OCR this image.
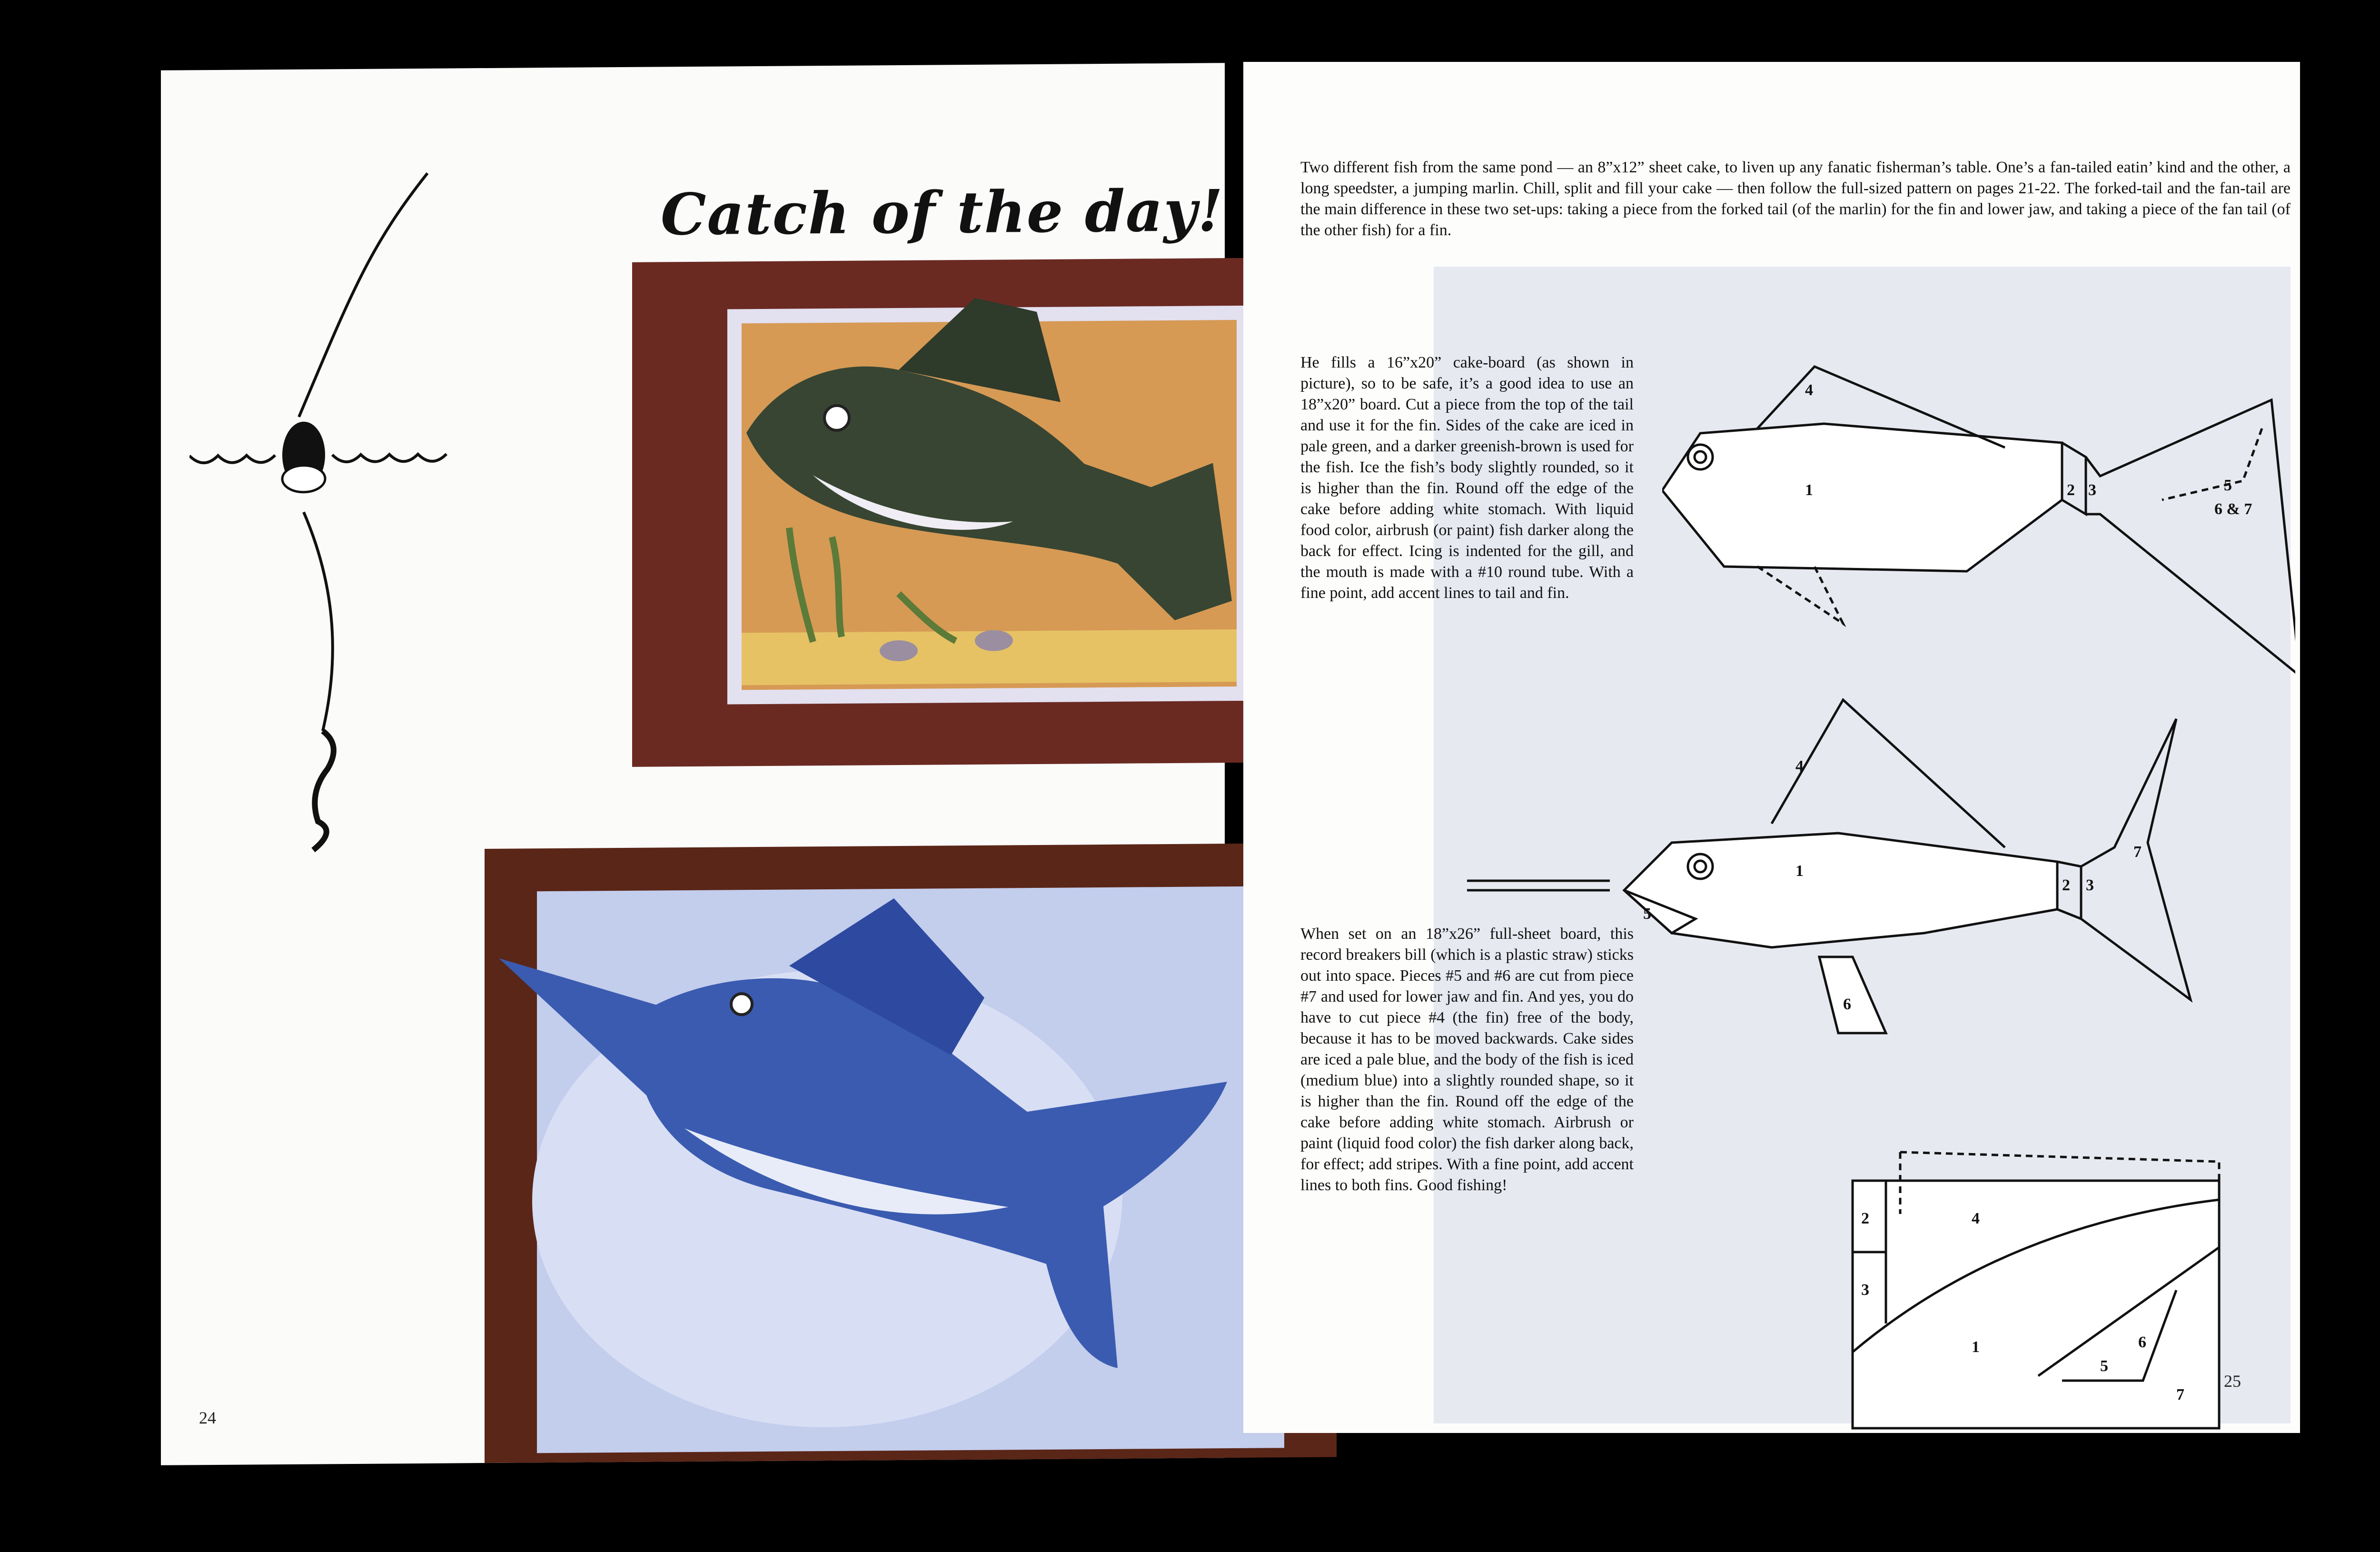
Catch of the day!
24
Two different fish from the same pond — an 8”x12” sheet cake, to liven up any fanatic fisherman’s table. One’s a fan-tailed eatin’ kind and the other, a long speedster, a jumping marlin. Chill, split and fill your cake — then follow the full-sized pattern on pages 21-22. The forked-tail and the fan-tail are the main difference in these two set-ups: taking a piece from the forked tail (of the marlin) for the fin and lower jaw, and taking a piece of the fan tail (of the other fish) for a fin.
He fills a 16”x20” cake-board (as shown in picture), so to be safe, it’s a good idea to use an 18”x20” board. Cut a piece from the top of the tail and use it for the fin. Sides of the cake are iced in pale green, and a darker greenish-brown is used for the fish. Ice the fish’s body slightly rounded, so it is higher than the fin. Round off the edge of the cake before adding white stomach. With liquid food color, airbrush (or paint) fish darker along the back for effect. Icing is indented for the gill, and the mouth is made with a #10 round tube. With a fine point, add accent lines to tail and fin.
When set on an 18”x26” full-sheet board, this record breakers bill (which is a plastic straw) sticks out into space. Pieces #5 and #6 are cut from piece #7 and used for lower jaw and fin. And yes, you do have to cut piece #4 (the fin) free of the body, because it has to be moved backwards. Cake sides are iced a pale blue, and the body of the fish is iced (medium blue) into a slightly rounded shape, so it is higher than the fin. Round off the edge of the cake before adding white stomach. Airbrush or paint (liquid food color) the fish darker along back, for effect; add stripes. With a fine point, add accent lines to both fins. Good fishing!
4
1	2 3	5
6 & 7
4
1
2 3
7
5
6
2
3
4
1
5
6
7
25
